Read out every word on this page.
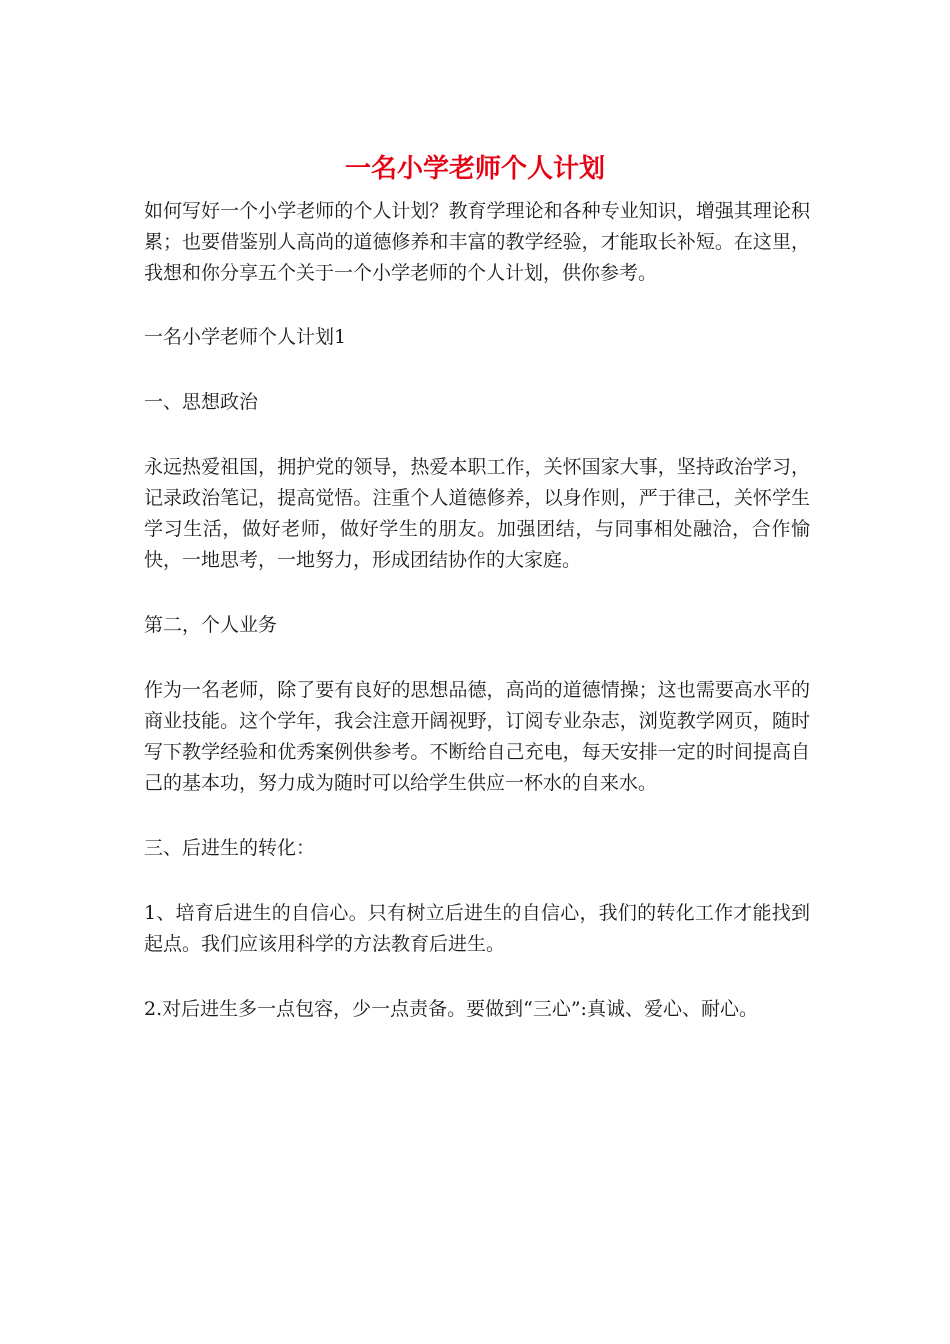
一名小学老师个人计划

如何写好一个小学老师的个人计划？教育学理论和各种专业知识，增强其理论积累；也要借鉴别人高尚的道德修养和丰富的教学经验，才能取长补短。在这里，我想和你分享五个关于一个小学老师的个人计划，供你参考。

一名小学老师个人计划1

一、思想政治

永远热爱祖国，拥护党的领导，热爱本职工作，关怀国家大事，坚持政治学习，记录政治笔记，提高觉悟。注重个人道德修养，以身作则，严于律己，关怀学生学习生活，做好老师，做好学生的朋友。加强团结，与同事相处融洽，合作愉快，一地思考，一地努力，形成团结协作的大家庭。

第二，个人业务

作为一名老师，除了要有良好的思想品德，高尚的道德情操；这也需要高水平的商业技能。这个学年，我会注意开阔视野，订阅专业杂志，浏览教学网页，随时写下教学经验和优秀案例供参考。不断给自己充电，每天安排一定的时间提高自己的基本功，努力成为随时可以给学生供应一杯水的自来水。

三、后进生的转化：

1、培育后进生的自信心。只有树立后进生的自信心，我们的转化工作才能找到起点。我们应该用科学的方法教育后进生。

2.对后进生多一点包容，少一点责备。要做到“三心”:真诚、爱心、耐心。
